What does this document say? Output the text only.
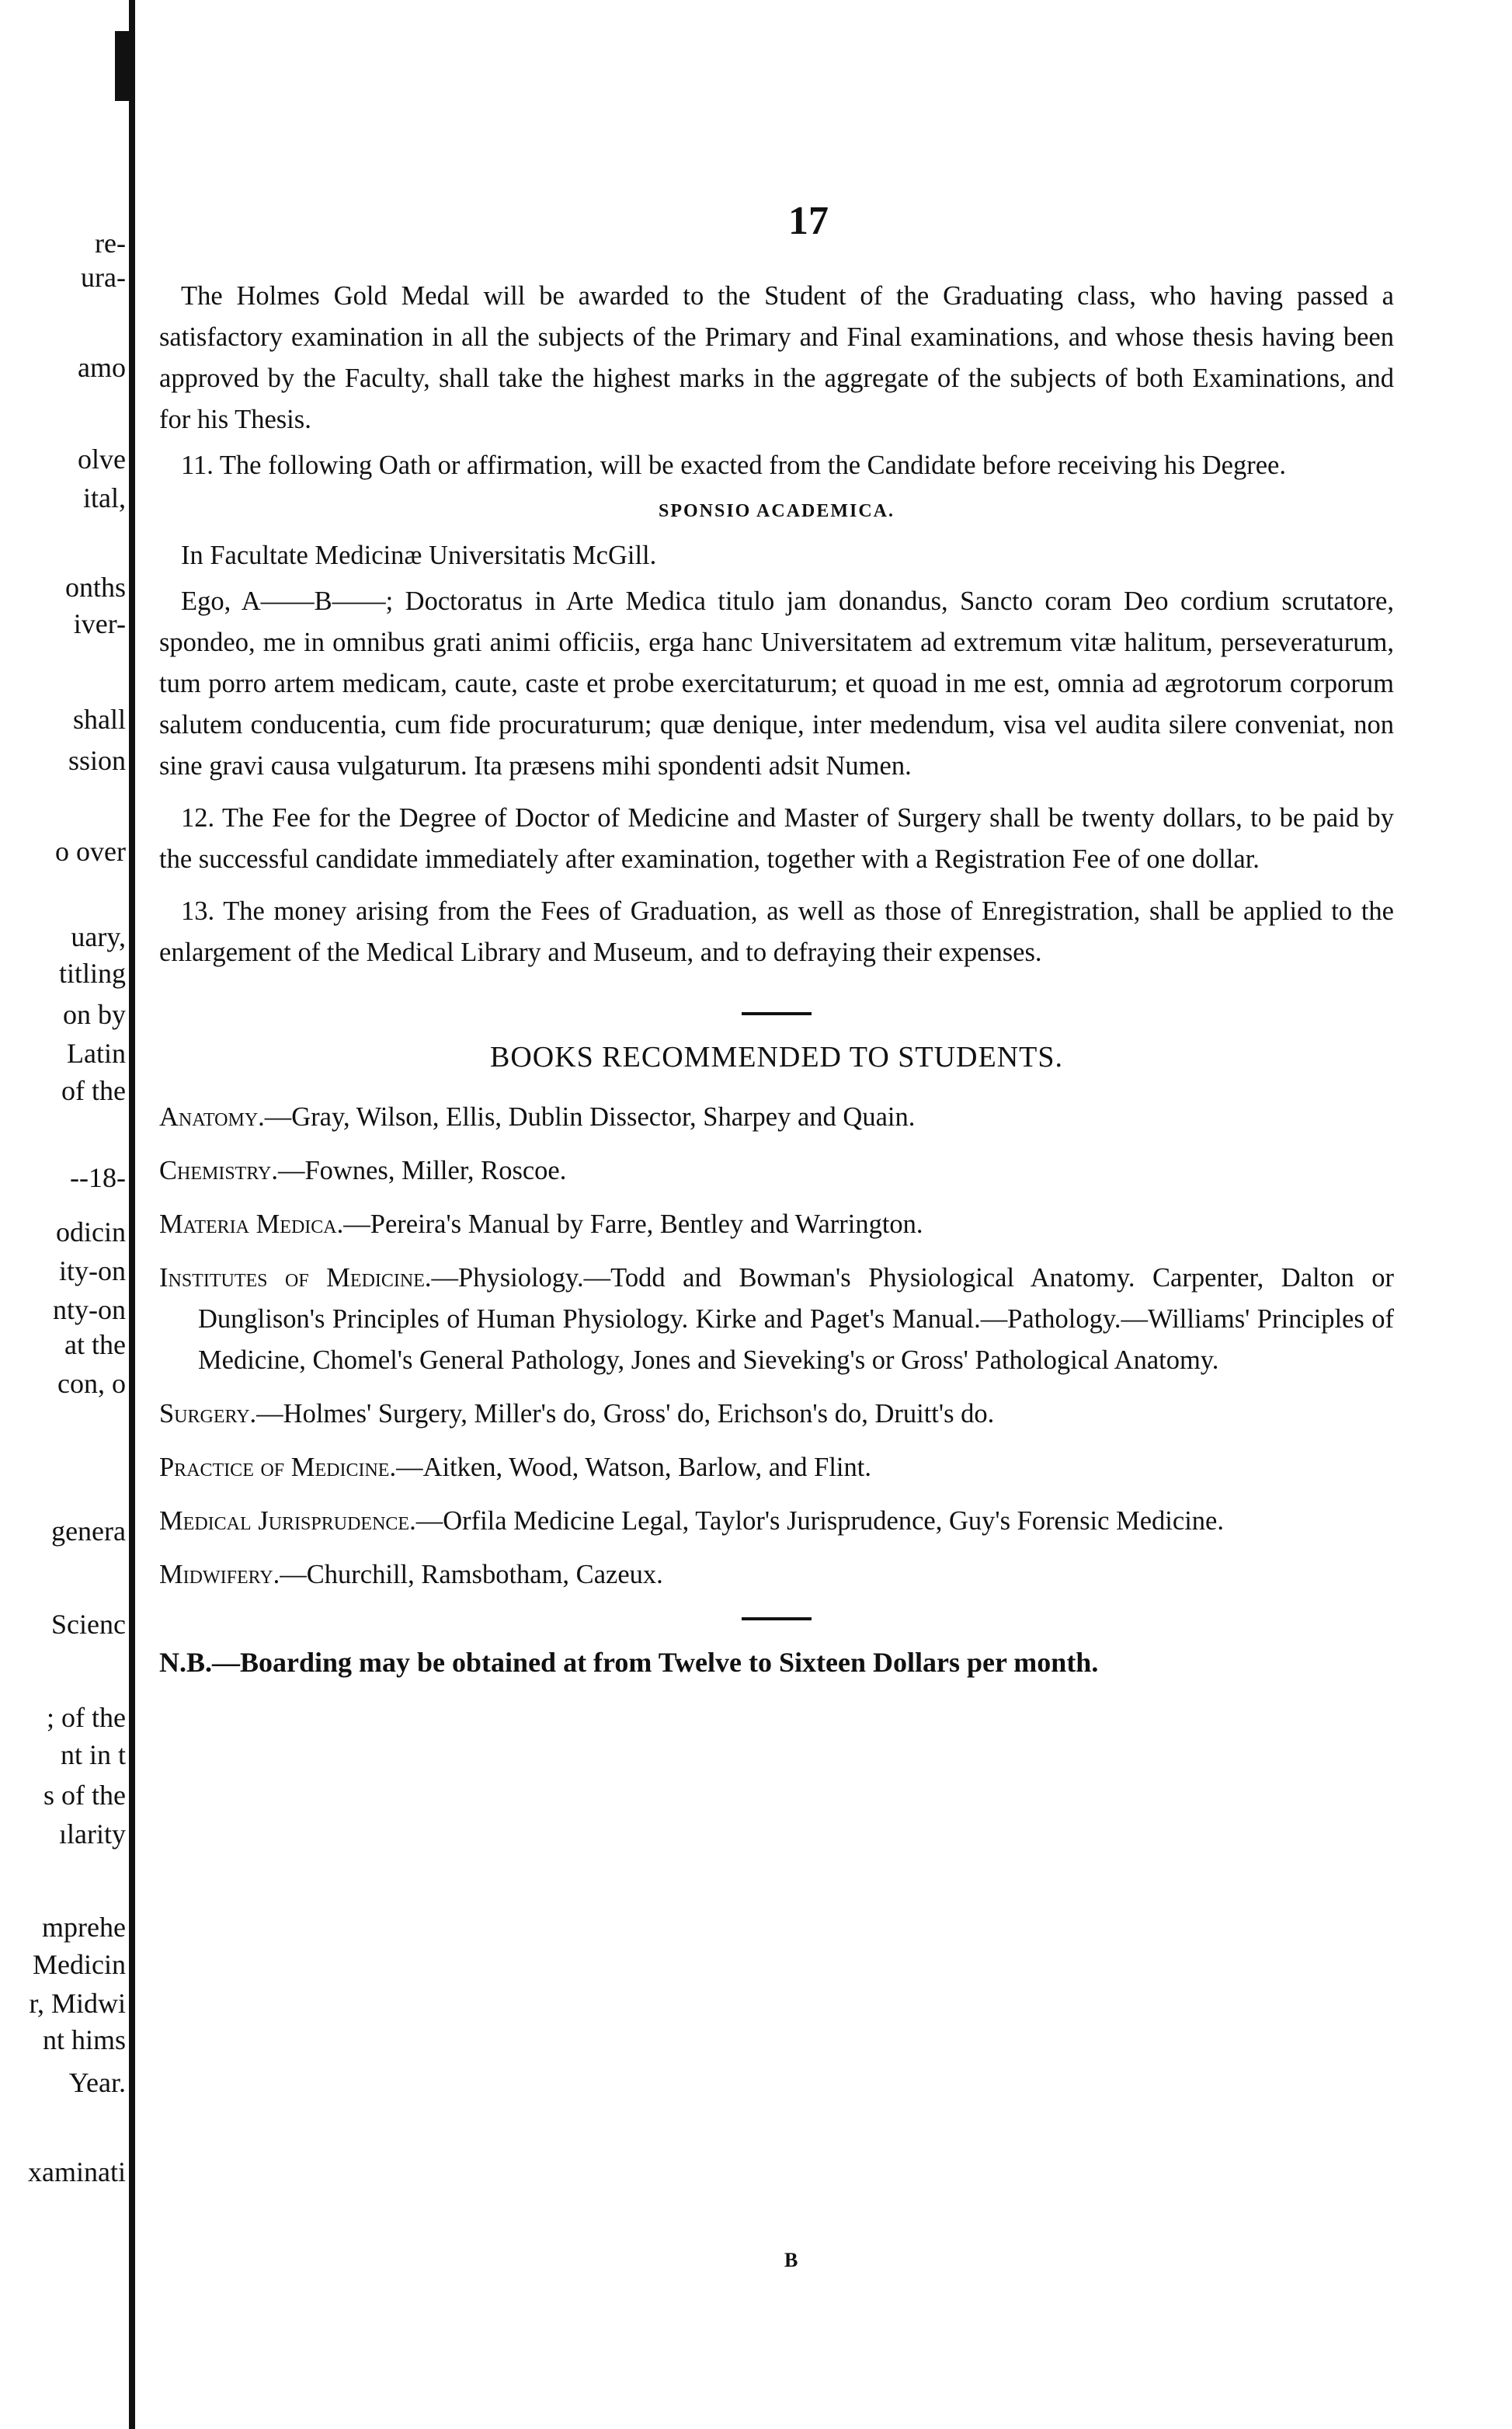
re-
ura-
amo
olve
ital,
onths
iver-
shall
ssion
o over
uary,
titling
on by
Latin
of the
--18-
odicin
ity-on
nty-on
at the
con, o
genera
Scienc
; of the
nt in t
s of the
ılarity
mprehe
Medicin
r, Midwi
nt hims
Year.
xaminati
17

The Holmes Gold Medal will be awarded to the Student of the Graduating class, who having passed a satisfactory examination in all the subjects of the Primary and Final examinations, and whose thesis having been approved by the Faculty, shall take the highest marks in the aggregate of the subjects of both Examinations, and for his Thesis.

11. The following Oath or affirmation, will be exacted from the Candidate before receiving his Degree.

SPONSIO ACADEMICA.

In Facultate Medicinæ Universitatis McGill.

Ego, A——B——; Doctoratus in Arte Medica titulo jam donandus, Sancto coram Deo cordium scrutatore, spondeo, me in omnibus grati animi officiis, erga hanc Universitatem ad extremum vitæ halitum, perseveraturum, tum porro artem medicam, caute, caste et probe exercitaturum; et quoad in me est, omnia ad ægrotorum corporum salutem conducentia, cum fide procuraturum; quæ denique, inter medendum, visa vel audita silere conveniat, non sine gravi causa vulgaturum. Ita præsens mihi spondenti adsit Numen.

12. The Fee for the Degree of Doctor of Medicine and Master of Surgery shall be twenty dollars, to be paid by the successful candidate immediately after examination, together with a Registration Fee of one dollar.

13. The money arising from the Fees of Graduation, as well as those of Enregistration, shall be applied to the enlargement of the Medical Library and Museum, and to defraying their expenses.

BOOKS RECOMMENDED TO STUDENTS.

Anatomy.—Gray, Wilson, Ellis, Dublin Dissector, Sharpey and Quain.

Chemistry.—Fownes, Miller, Roscoe.

Materia Medica.—Pereira's Manual by Farre, Bentley and Warrington.

Institutes of Medicine.—Physiology.—Todd and Bowman's Physiological Anatomy. Carpenter, Dalton or Dunglison's Principles of Human Physiology. Kirke and Paget's Manual.—Pathology.—Williams' Principles of Medicine, Chomel's General Pathology, Jones and Sieveking's or Gross' Pathological Anatomy.

Surgery.—Holmes' Surgery, Miller's do, Gross' do, Erichson's do, Druitt's do.

Practice of Medicine.—Aitken, Wood, Watson, Barlow, and Flint.

Medical Jurisprudence.—Orfila Medicine Legal, Taylor's Jurisprudence, Guy's Forensic Medicine.

Midwifery.—Churchill, Ramsbotham, Cazeux.

N.B.—Boarding may be obtained at from Twelve to Sixteen Dollars per month.

B
